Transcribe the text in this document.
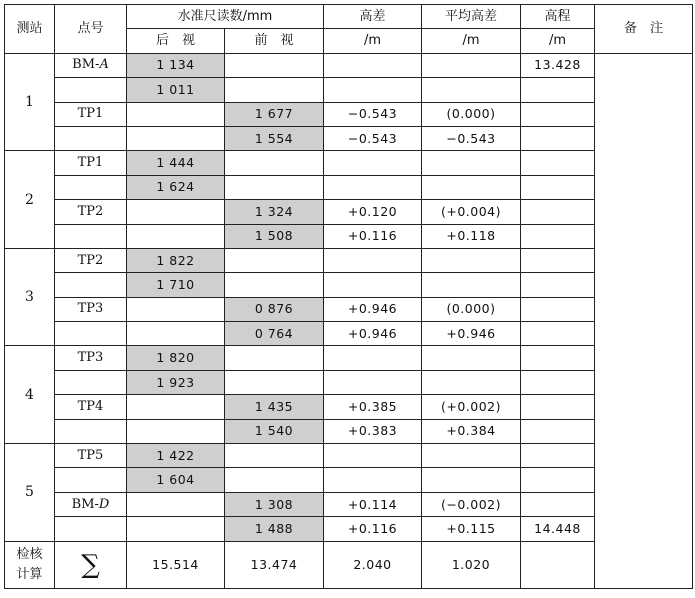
测站	点号	水准尺读数/mm		高差	平均高差	高程	备　注
		后　视	前　视	/m	/m	/m	
1	BM-A	1 134				13.428	
		1 011					
	TP1		1 677	−0.543	(0.000)		
			1 554	−0.543	−0.543		
2	TP1	1 444					
		1 624					
	TP2		1 324	+0.120	(+0.004)		
			1 508	+0.116	+0.118		
3	TP2	1 822					
		1 710					
	TP3		0 876	+0.946	(0.000)		
			0 764	+0.946	+0.946		
4	TP3	1 820					
		1 923					
	TP4		1 435	+0.385	(+0.002)		
			1 540	+0.383	+0.384		
5	TP5	1 422					
		1 604					
	BM-D		1 308	+0.114	(−0.002)		
			1 488	+0.116	+0.115	14.448	

检核
计算	∑	15.514	13.474	2.040	1.020		
